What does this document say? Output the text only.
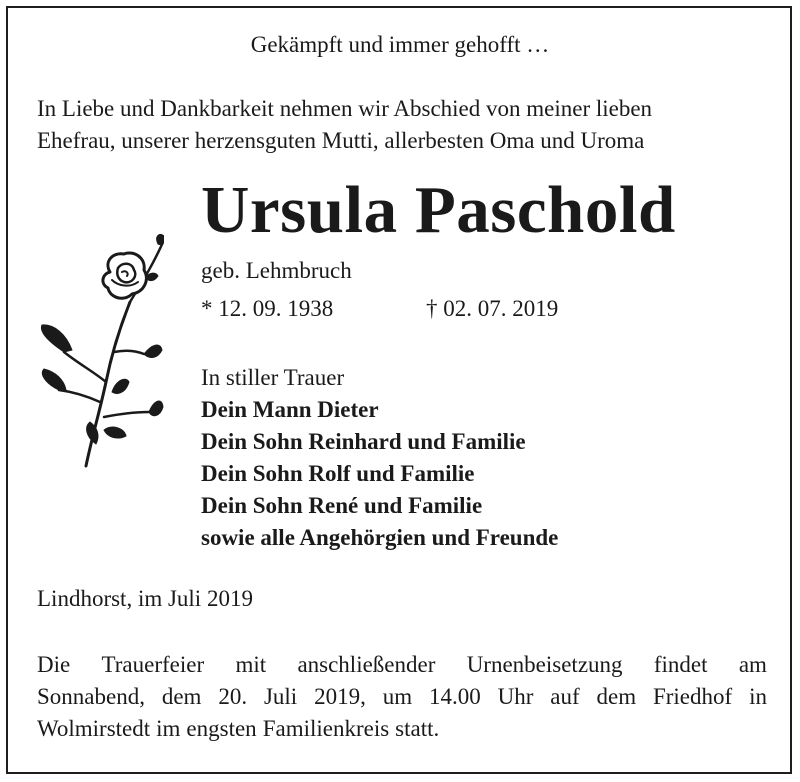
Gekämpft und immer gehofft …
In Liebe und Dankbarkeit nehmen wir Abschied von meiner lieben
Ehefrau, unserer herzensguten Mutti, allerbesten Oma und Uroma
Ursula Paschold
geb. Lehmbruch
* 12. 09. 1938	† 02. 07. 2019
In stiller Trauer
Dein Mann Dieter
Dein Sohn Reinhard und Familie
Dein Sohn Rolf und Familie
Dein Sohn René und Familie
sowie alle Angehörgien und Freunde
Lindhorst, im Juli 2019
Die Trauerfeier mit anschließender Urnenbeisetzung findet am
Sonnabend, dem 20. Juli 2019, um 14.00 Uhr auf dem Friedhof in
Wolmirstedt im engsten Familienkreis statt.
